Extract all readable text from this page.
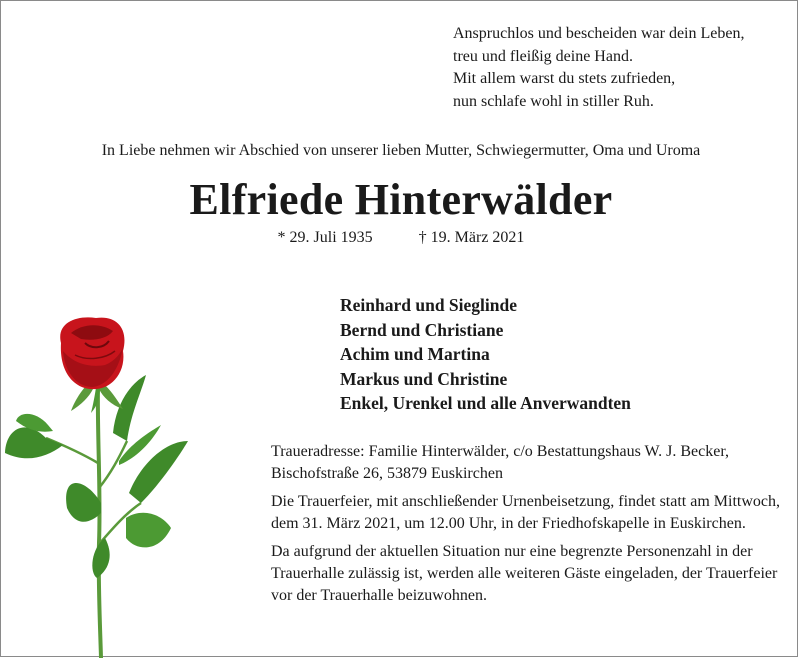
Anspruchlos und bescheiden war dein Leben,
treu und fleißig deine Hand.
Mit allem warst du stets zufrieden,
nun schlafe wohl in stiller Ruh.
In Liebe nehmen wir Abschied von unserer lieben Mutter, Schwiegermutter, Oma und Uroma
Elfriede Hinterwälder
* 29. Juli 1935	† 19. März 2021
Reinhard und Sieglinde
Bernd und Christiane
Achim und Martina
Markus und Christine
Enkel, Urenkel und alle Anverwandten

Traueradresse: Familie Hinterwälder, c/o Bestattungshaus W. J. Becker,
Bischofstraße 26, 53879 Euskirchen

Die Trauerfeier, mit anschließender Urnenbeisetzung, findet statt am Mittwoch, dem 31. März 2021, um 12.00 Uhr, in der Friedhofskapelle in Euskirchen.

Da aufgrund der aktuellen Situation nur eine begrenzte Personenzahl in der Trauerhalle zulässig ist, werden alle weiteren Gäste eingeladen, der Trauerfeier vor der Trauerhalle beizuwohnen.
